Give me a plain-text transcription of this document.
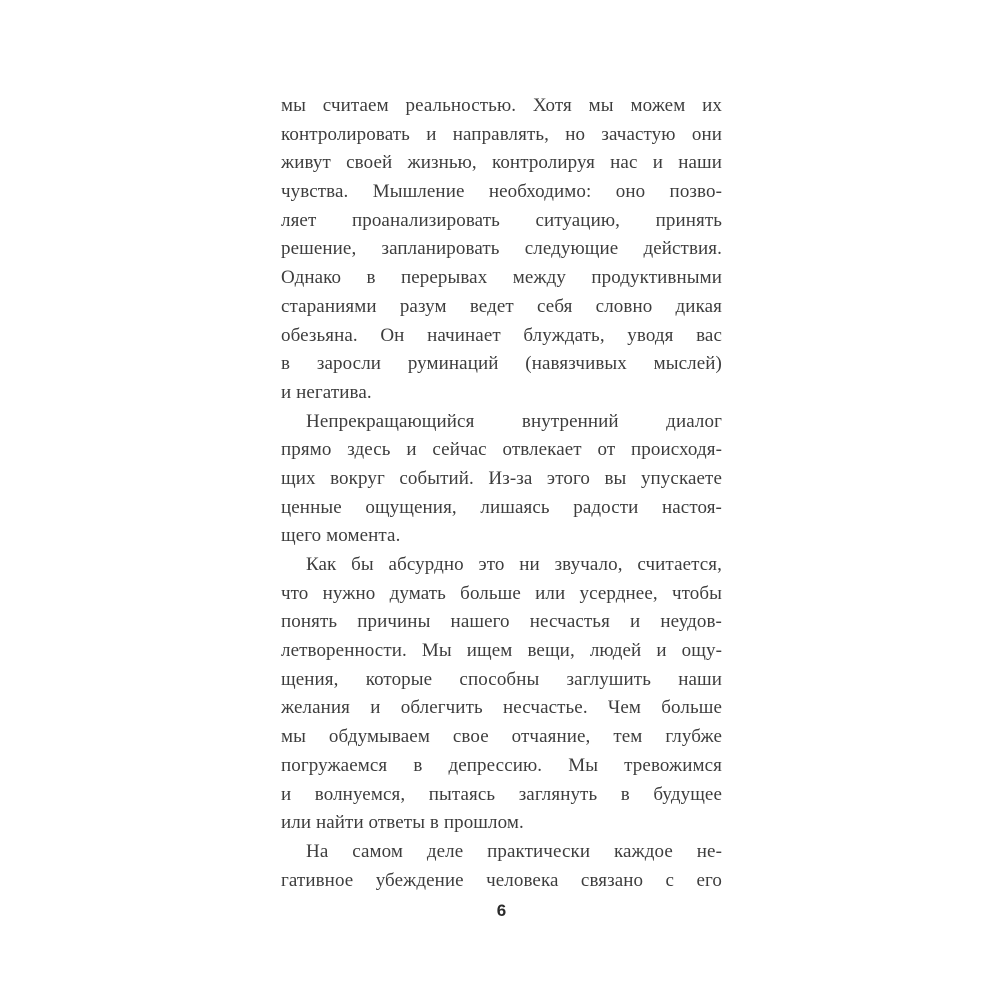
мы считаем реальностью. Хотя мы можем их
контролировать и направлять, но зачастую они
живут своей жизнью, контролируя нас и наши
чувства. Мышление необходимо: оно позво-
ляет проанализировать ситуацию, принять
решение, запланировать следующие действия.
Однако в перерывах между продуктивными
стараниями разум ведет себя словно дикая
обезьяна. Он начинает блуждать, уводя вас
в заросли руминаций (навязчивых мыслей)
и негатива.
Непрекращающийся внутренний диалог
прямо здесь и сейчас отвлекает от происходя-
щих вокруг событий. Из-за этого вы упускаете
ценные ощущения, лишаясь радости настоя-
щего момента.
Как бы абсурдно это ни звучало, считается,
что нужно думать больше или усерднее, чтобы
понять причины нашего несчастья и неудов-
летворенности. Мы ищем вещи, людей и ощу-
щения, которые способны заглушить наши
желания и облегчить несчастье. Чем больше
мы обдумываем свое отчаяние, тем глубже
погружаемся в депрессию. Мы тревожимся
и волнуемся, пытаясь заглянуть в будущее
или найти ответы в прошлом.
На самом деле практически каждое не-
гативное убеждение человека связано с его
6
